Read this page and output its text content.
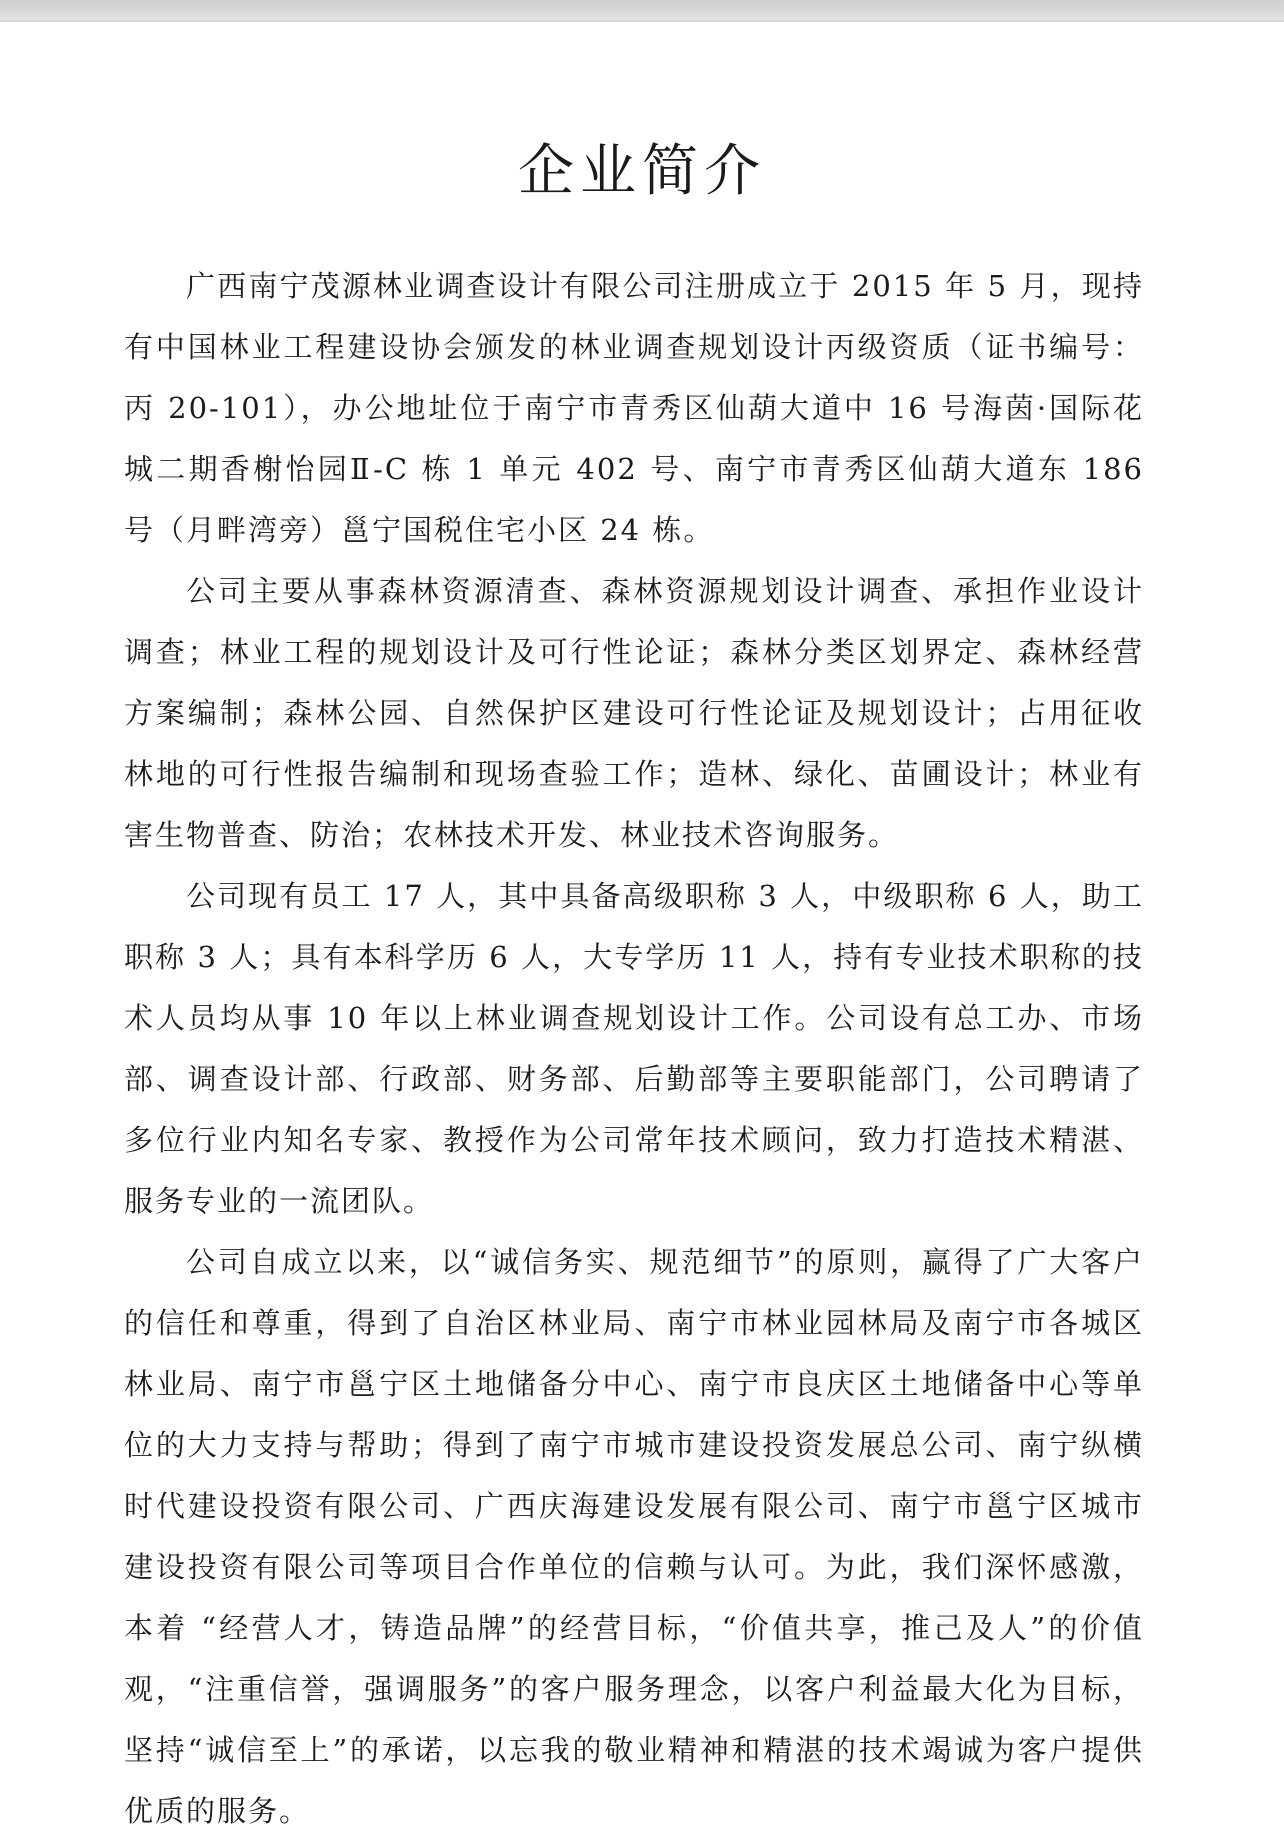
企业简介

广西南宁茂源林业调查设计有限公司注册成立于 2015 年 5 月，现持有中国林业工程建设协会颁发的林业调查规划设计丙级资质（证书编号：丙 20-101），办公地址位于南宁市青秀区仙葫大道中 16 号海茵·国际花城二期香榭怡园Ⅱ-C 栋 1 单元 402 号、南宁市青秀区仙葫大道东 186 号（月畔湾旁）邕宁国税住宅小区 24 栋。

公司主要从事森林资源清查、森林资源规划设计调查、承担作业设计调查；林业工程的规划设计及可行性论证；森林分类区划界定、森林经营方案编制；森林公园、自然保护区建设可行性论证及规划设计；占用征收林地的可行性报告编制和现场查验工作；造林、绿化、苗圃设计；林业有害生物普查、防治；农林技术开发、林业技术咨询服务。

公司现有员工 17 人，其中具备高级职称 3 人，中级职称 6 人，助工职称 3 人；具有本科学历 6 人，大专学历 11 人，持有专业技术职称的技术人员均从事 10 年以上林业调查规划设计工作。公司设有总工办、市场部、调查设计部、行政部、财务部、后勤部等主要职能部门，公司聘请了多位行业内知名专家、教授作为公司常年技术顾问，致力打造技术精湛、服务专业的一流团队。

公司自成立以来，以“诚信务实、规范细节”的原则，赢得了广大客户的信任和尊重，得到了自治区林业局、南宁市林业园林局及南宁市各城区林业局、南宁市邕宁区土地储备分中心、南宁市良庆区土地储备中心等单位的大力支持与帮助；得到了南宁市城市建设投资发展总公司、南宁纵横时代建设投资有限公司、广西庆海建设发展有限公司、南宁市邕宁区城市建设投资有限公司等项目合作单位的信赖与认可。为此，我们深怀感激，本着 “经营人才，铸造品牌”的经营目标，“价值共享，推己及人”的价值观，“注重信誉，强调服务”的客户服务理念，以客户利益最大化为目标，坚持“诚信至上”的承诺，以忘我的敬业精神和精湛的技术竭诚为客户提供优质的服务。
